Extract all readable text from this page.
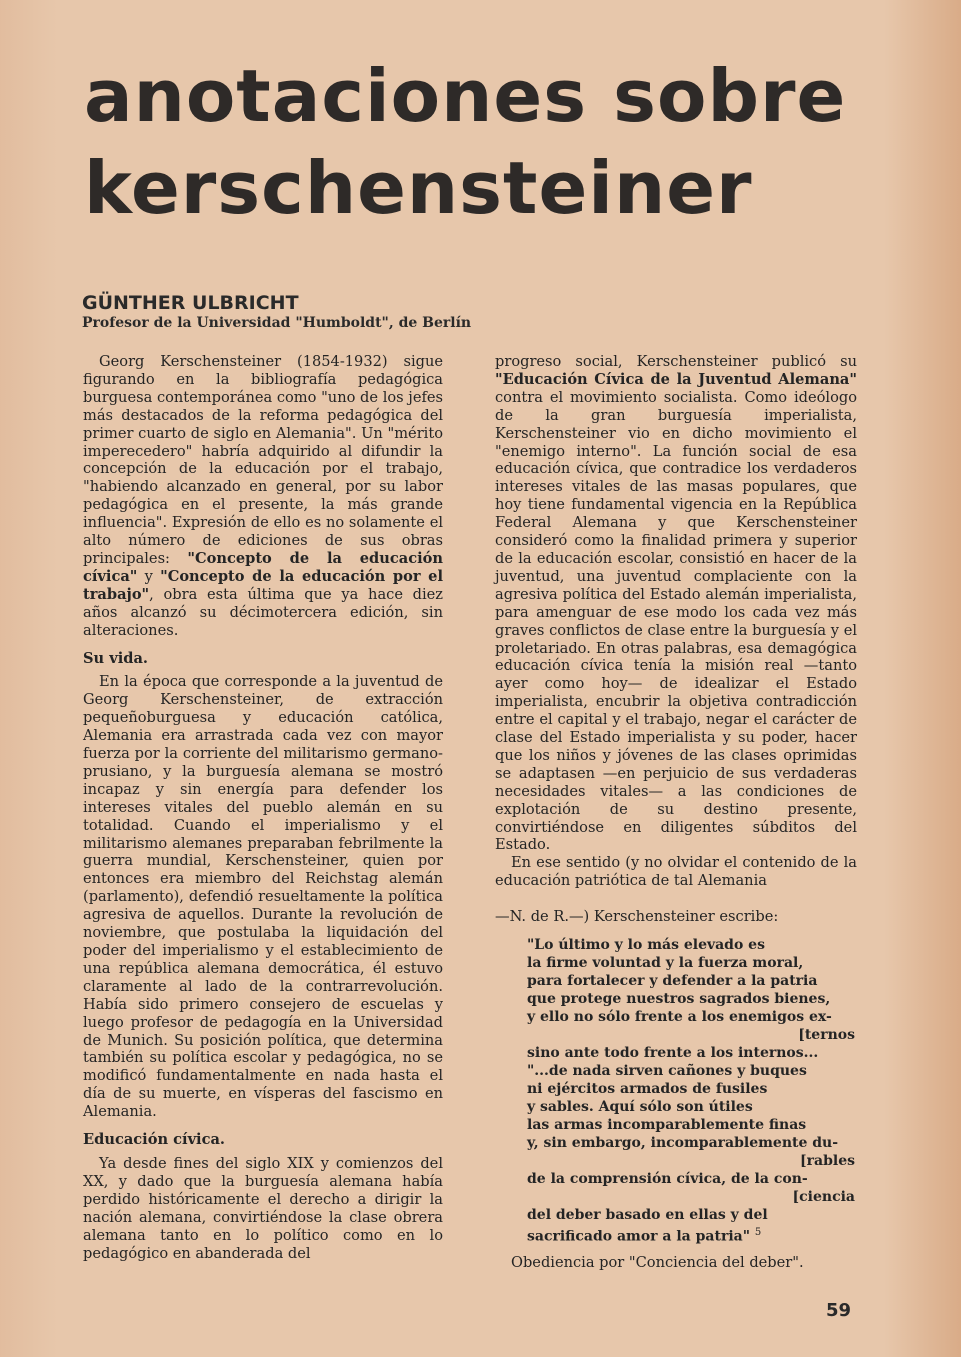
anotaciones sobre
kerschensteiner
GÜNTHER ULBRICHT
Profesor de la Universidad "Humboldt", de Berlín

Georg Kerschensteiner (1854-1932) sigue figurando en la bibliografía pedagógica burguesa contemporánea como "uno de los jefes más destacados de la reforma pedagógica del primer cuarto de siglo en Alemania". Un "mérito imperecedero" habría adquirido al difundir la concepción de la educación por el trabajo, "habiendo alcanzado en general, por su labor pedagógica en el presente, la más grande influencia". Expresión de ello es no solamente el alto número de ediciones de sus obras principales: "Concepto de la educación cívica" y "Concepto de la educación por el trabajo", obra esta última que ya hace diez años alcanzó su décimotercera edición, sin alteraciones.

Su vida.

En la época que corresponde a la juventud de Georg Kerschensteiner, de extracción pequeñoburguesa y educación católica, Alemania era arrastrada cada vez con mayor fuerza por la corriente del militarismo germano-prusiano, y la burguesía alemana se mostró incapaz y sin energía para defender los intereses vitales del pueblo alemán en su totalidad. Cuando el imperialismo y el militarismo alemanes preparaban febrilmente la guerra mundial, Kerschensteiner, quien por entonces era miembro del Reichstag alemán (parlamento), defendió resueltamente la política agresiva de aquellos. Durante la revolución de noviembre, que postulaba la liquidación del poder del imperialismo y el establecimiento de una república alemana democrática, él estuvo claramente al lado de la contrarrevolución. Había sido primero consejero de escuelas y luego profesor de pedagogía en la Universidad de Munich. Su posición política, que determina también su política escolar y pedagógica, no se modificó fundamentalmente en nada hasta el día de su muerte, en vísperas del fascismo en Alemania.

Educación cívica.

Ya desde fines del siglo XIX y comienzos del XX, y dado que la burguesía alemana había perdido históricamente el derecho a dirigir la nación alemana, convirtiéndose la clase obrera alemana tanto en lo político como en lo pedagógico en abanderada del

progreso social, Kerschensteiner publicó su "Educación Cívica de la Juventud Alemana" contra el movimiento socialista. Como ideólogo de la gran burguesía imperialista, Kerschensteiner vio en dicho movimiento el "enemigo interno". La función social de esa educación cívica, que contradice los verdaderos intereses vitales de las masas populares, que hoy tiene fundamental vigencia en la República Federal Alemana y que Kerschensteiner consideró como la finalidad primera y superior de la educación escolar, consistió en hacer de la juventud, una juventud complaciente con la agresiva política del Estado alemán imperialista, para amenguar de ese modo los cada vez más graves conflictos de clase entre la burguesía y el proletariado. En otras palabras, esa demagógica educación cívica tenía la misión real —tanto ayer como hoy— de idealizar el Estado imperialista, encubrir la objetiva contradicción entre el capital y el trabajo, negar el carácter de clase del Estado imperialista y su poder, hacer que los niños y jóvenes de las clases oprimidas se adaptasen —en perjuicio de sus verdaderas necesidades vitales— a las condiciones de explotación de su destino presente, convirtiéndose en diligentes súbditos del Estado.

En ese sentido (y no olvidar el contenido de la educación patriótica de tal Alemania

—N. de R.—) Kerschensteiner escribe:

"Lo último y lo más elevado es
la firme voluntad y la fuerza moral,
para fortalecer y defender a la patria
que protege nuestros sagrados bienes,
y ello no sólo frente a los enemigos ex-
[ternos
sino ante todo frente a los internos...
"...de nada sirven cañones y buques
ni ejércitos armados de fusiles
y sables. Aquí sólo son útiles
las armas incomparablemente finas
y, sin embargo, incomparablemente du-
[rables
de la comprensión cívica, de la con-
[ciencia
del deber basado en ellas y del
sacrificado amor a la patria" $^5$

Obediencia por "Conciencia del deber".

59
